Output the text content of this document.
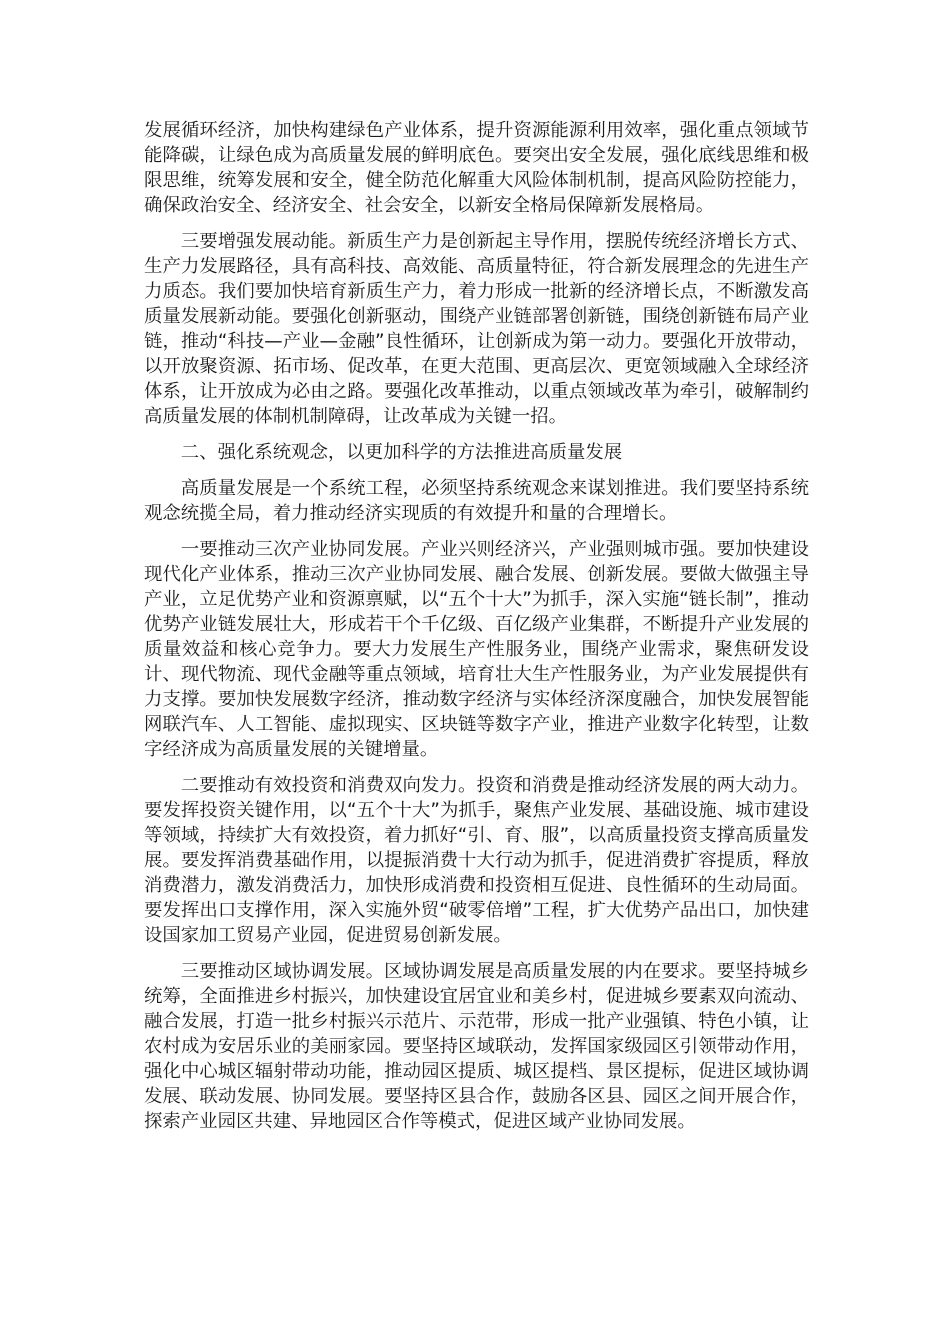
发展循环经济，加快构建绿色产业体系，提升资源能源利用效率，强化重点领域节能降碳，让绿色成为高质量发展的鲜明底色。要突出安全发展，强化底线思维和极限思维，统筹发展和安全，健全防范化解重大风险体制机制，提高风险防控能力，确保政治安全、经济安全、社会安全，以新安全格局保障新发展格局。

三要增强发展动能。新质生产力是创新起主导作用，摆脱传统经济增长方式、生产力发展路径，具有高科技、高效能、高质量特征，符合新发展理念的先进生产力质态。我们要加快培育新质生产力，着力形成一批新的经济增长点，不断激发高质量发展新动能。要强化创新驱动，围绕产业链部署创新链，围绕创新链布局产业链，推动“科技—产业—金融”良性循环，让创新成为第一动力。要强化开放带动，以开放聚资源、拓市场、促改革，在更大范围、更高层次、更宽领域融入全球经济体系，让开放成为必由之路。要强化改革推动，以重点领域改革为牵引，破解制约高质量发展的体制机制障碍，让改革成为关键一招。

二、强化系统观念，以更加科学的方法推进高质量发展

高质量发展是一个系统工程，必须坚持系统观念来谋划推进。我们要坚持系统观念统揽全局，着力推动经济实现质的有效提升和量的合理增长。

一要推动三次产业协同发展。产业兴则经济兴，产业强则城市强。要加快建设现代化产业体系，推动三次产业协同发展、融合发展、创新发展。要做大做强主导产业，立足优势产业和资源禀赋，以“五个十大”为抓手，深入实施“链长制”，推动优势产业链发展壮大，形成若干个千亿级、百亿级产业集群，不断提升产业发展的质量效益和核心竞争力。要大力发展生产性服务业，围绕产业需求，聚焦研发设计、现代物流、现代金融等重点领域，培育壮大生产性服务业，为产业发展提供有力支撑。要加快发展数字经济，推动数字经济与实体经济深度融合，加快发展智能网联汽车、人工智能、虚拟现实、区块链等数字产业，推进产业数字化转型，让数字经济成为高质量发展的关键增量。

二要推动有效投资和消费双向发力。投资和消费是推动经济发展的两大动力。要发挥投资关键作用，以“五个十大”为抓手，聚焦产业发展、基础设施、城市建设等领域，持续扩大有效投资，着力抓好“引、育、服”，以高质量投资支撑高质量发展。要发挥消费基础作用，以提振消费十大行动为抓手，促进消费扩容提质，释放消费潜力，激发消费活力，加快形成消费和投资相互促进、良性循环的生动局面。要发挥出口支撑作用，深入实施外贸“破零倍增”工程，扩大优势产品出口，加快建设国家加工贸易产业园，促进贸易创新发展。

三要推动区域协调发展。区域协调发展是高质量发展的内在要求。要坚持城乡统筹，全面推进乡村振兴，加快建设宜居宜业和美乡村，促进城乡要素双向流动、融合发展，打造一批乡村振兴示范片、示范带，形成一批产业强镇、特色小镇，让农村成为安居乐业的美丽家园。要坚持区域联动，发挥国家级园区引领带动作用，强化中心城区辐射带动功能，推动园区提质、城区提档、景区提标，促进区域协调发展、联动发展、协同发展。要坚持区县合作，鼓励各区县、园区之间开展合作，探索产业园区共建、异地园区合作等模式，促进区域产业协同发展。
